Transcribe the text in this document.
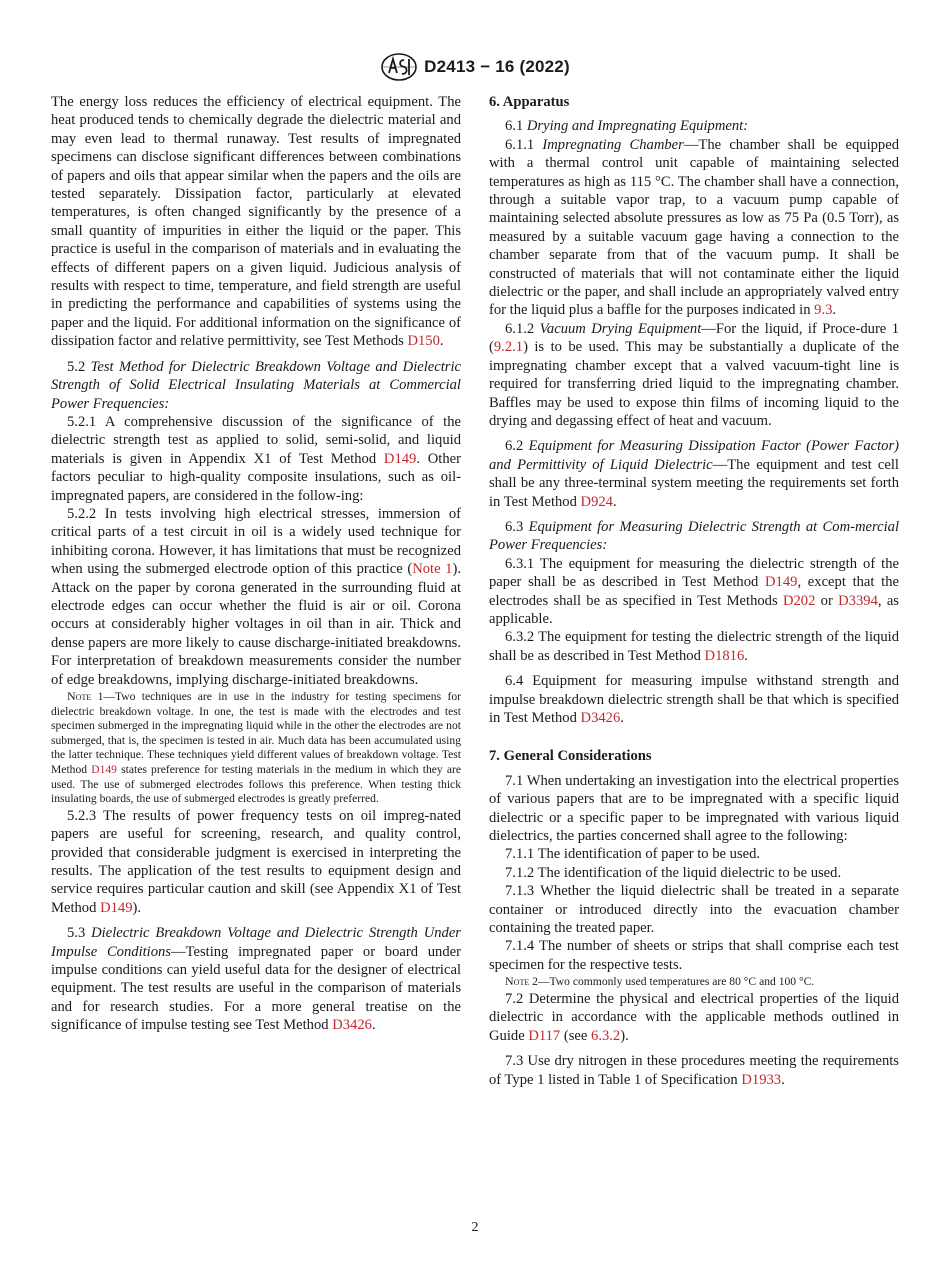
D2413 − 16 (2022)

The energy loss reduces the efficiency of electrical equipment. The heat produced tends to chemically degrade the dielectric material and may even lead to thermal runaway. Test results of impregnated specimens can disclose significant differences between combinations of papers and oils that appear similar when the papers and the oils are tested separately. Dissipation factor, particularly at elevated temperatures, is often changed significantly by the presence of a small quantity of impurities in either the liquid or the paper. This practice is useful in the comparison of materials and in evaluating the effects of different papers on a given liquid. Judicious analysis of results with respect to time, temperature, and field strength are useful in predicting the performance and capabilities of systems using the paper and the liquid. For additional information on the significance of dissipation factor and relative permittivity, see Test Methods D150.

5.2 Test Method for Dielectric Breakdown Voltage and Dielectric Strength of Solid Electrical Insulating Materials at Commercial Power Frequencies:

5.2.1 A comprehensive discussion of the significance of the dielectric strength test as applied to solid, semi-solid, and liquid materials is given in Appendix X1 of Test Method D149. Other factors peculiar to high-quality composite insulations, such as oil-impregnated papers, are considered in the follow-ing:

5.2.2 In tests involving high electrical stresses, immersion of critical parts of a test circuit in oil is a widely used technique for inhibiting corona. However, it has limitations that must be recognized when using the submerged electrode option of this practice (Note 1). Attack on the paper by corona generated in the surrounding fluid at electrode edges can occur whether the fluid is air or oil. Corona occurs at considerably higher voltages in oil than in air. Thick and dense papers are more likely to cause discharge-initiated breakdowns. For interpretation of breakdown measurements consider the number of edge breakdowns, implying discharge-initiated breakdowns.

Note 1—Two techniques are in use in the industry for testing specimens for dielectric breakdown voltage. In one, the test is made with the electrodes and test specimen submerged in the impregnating liquid while in the other the electrodes are not submerged, that is, the specimen is tested in air. Much data has been accumulated using the latter technique. These techniques yield different values of breakdown voltage. Test Method D149 states preference for testing materials in the medium in which they are used. The use of submerged electrodes follows this preference. When testing thick insulating boards, the use of submerged electrodes is greatly preferred.

5.2.3 The results of power frequency tests on oil impreg-nated papers are useful for screening, research, and quality control, provided that considerable judgment is exercised in interpreting the results. The application of the test results to equipment design and service requires particular caution and skill (see Appendix X1 of Test Method D149).

5.3 Dielectric Breakdown Voltage and Dielectric Strength Under Impulse Conditions—Testing impregnated paper or board under impulse conditions can yield useful data for the designer of electrical equipment. The test results are useful in the comparison of materials and for research studies. For a more general treatise on the significance of impulse testing see Test Method D3426.

6. Apparatus

6.1 Drying and Impregnating Equipment:

6.1.1 Impregnating Chamber—The chamber shall be equipped with a thermal control unit capable of maintaining selected temperatures as high as 115 °C. The chamber shall have a connection, through a suitable vapor trap, to a vacuum pump capable of maintaining selected absolute pressures as low as 75 Pa (0.5 Torr), as measured by a suitable vacuum gage having a connection to the chamber separate from that of the vacuum pump. It shall be constructed of materials that will not contaminate either the liquid dielectric or the paper, and shall include an appropriately valved entry for the liquid plus a baffle for the purposes indicated in 9.3.

6.1.2 Vacuum Drying Equipment—For the liquid, if Proce-dure 1 (9.2.1) is to be used. This may be substantially a duplicate of the impregnating chamber except that a valved vacuum-tight line is required for transferring dried liquid to the impregnating chamber. Baffles may be used to expose thin films of incoming liquid to the drying and degassing effect of heat and vacuum.

6.2 Equipment for Measuring Dissipation Factor (Power Factor) and Permittivity of Liquid Dielectric—The equipment and test cell shall be any three-terminal system meeting the requirements set forth in Test Method D924.

6.3 Equipment for Measuring Dielectric Strength at Com-mercial Power Frequencies:

6.3.1 The equipment for measuring the dielectric strength of the paper shall be as described in Test Method D149, except that the electrodes shall be as specified in Test Methods D202 or D3394, as applicable.

6.3.2 The equipment for testing the dielectric strength of the liquid shall be as described in Test Method D1816.

6.4 Equipment for measuring impulse withstand strength and impulse breakdown dielectric strength shall be that which is specified in Test Method D3426.

7. General Considerations

7.1 When undertaking an investigation into the electrical properties of various papers that are to be impregnated with a specific liquid dielectric or a specific paper to be impregnated with various liquid dielectrics, the parties concerned shall agree to the following:

7.1.1 The identification of paper to be used.

7.1.2 The identification of the liquid dielectric to be used.

7.1.3 Whether the liquid dielectric shall be treated in a separate container or introduced directly into the evacuation chamber containing the treated paper.

7.1.4 The number of sheets or strips that shall comprise each test specimen for the respective tests.

Note 2—Two commonly used temperatures are 80 °C and 100 °C.

7.2 Determine the physical and electrical properties of the liquid dielectric in accordance with the applicable methods outlined in Guide D117 (see 6.3.2).

7.3 Use dry nitrogen in these procedures meeting the requirements of Type 1 listed in Table 1 of Specification D1933.

2
